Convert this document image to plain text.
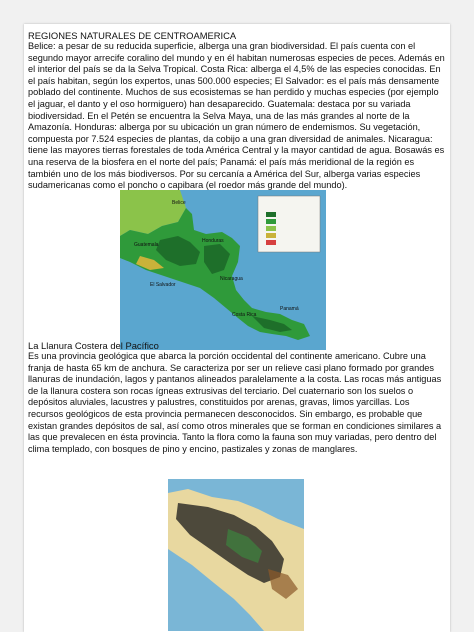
REGIONES NATURALES DE CENTROAMERICA

Belice: a pesar de su reducida superficie, alberga una gran biodiversidad. El país cuenta con el segundo mayor arrecife coralino del mundo y en él habitan numerosas especies de peces. Además en el interior del país se da la Selva Tropical. Costa Rica: alberga el 4,5% de las especies conocidas. En el país habitan, según los expertos, unas 500.000 especies; El Salvador: es el país más densamente poblado del continente. Muchos de sus ecosistemas se han perdido y muchas especies (por ejemplo el jaguar, el danto y el oso hormiguero) han desaparecido. Guatemala: destaca por su variada biodiversidad. En el Petén se encuentra la Selva Maya, una de las más grandes al norte de la Amazonía. Honduras: alberga por su ubicación un gran número de endemismos. Su vegetación, compuesta por 7.524 especies de plantas, da cobijo a una gran diversidad de animales. Nicaragua: tiene las mayores tierras forestales de toda América Central y la mayor cantidad de agua. Bosawás es una reserva de la biosfera en el norte del país; Panamá: el país más meridional de la región es también uno de los más biodiversos. Por su cercanía a América del Sur, alberga varias especies sudamericanas como el poncho o capibara (el roedor más grande del mundo).

Belice
Guatemala
Honduras
El Salvador
Nicaragua
Costa Rica
Panamá
La Llanura Costera del Pacífico

Es una provincia geológica que abarca la porción occidental del continente americano. Cubre una franja de hasta 65 km de anchura. Se caracteriza por ser un relieve casi plano formado por grandes llanuras de inundación, lagos y pantanos alineados paralelamente a la costa. Las rocas más antiguas de la llanura costera son rocas ígneas extrusivas del terciario. Del cuaternario son los suelos o depósitos aluviales, lacustres y palustres, constituidos por arenas, gravas, limos yarcillas. Los recursos geológicos de esta provincia permanecen desconocidos. Sin embargo, es probable que existan grandes depósitos de sal, así como otros minerales que se forman en condiciones similares a las que prevalecen en ésta provincia. Tanto la flora como la fauna son muy variadas, pero dentro del clima templado, con bosques de pino y encino, pastizales y zonas de manglares.
